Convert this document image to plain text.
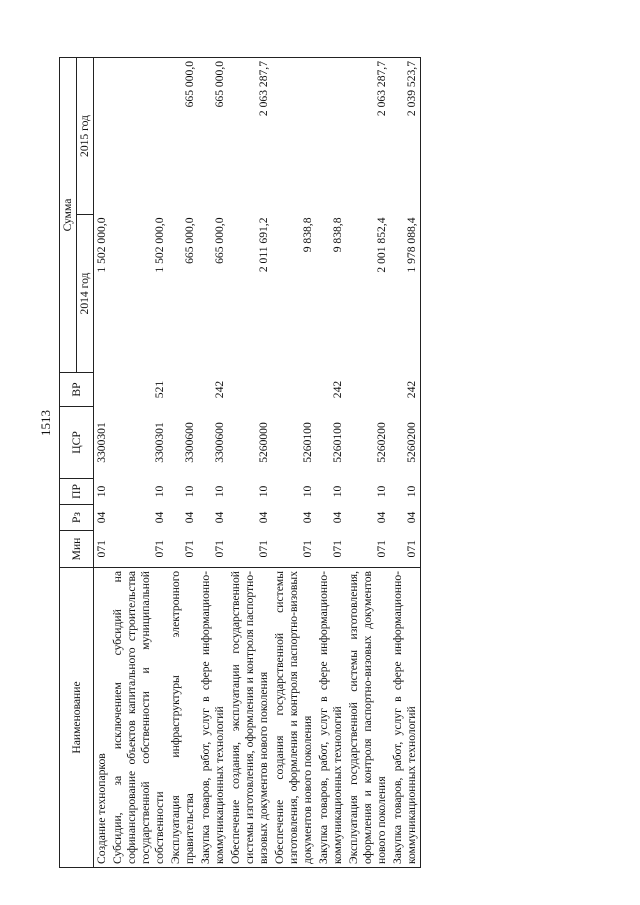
1513
Наименование	Мин	Рз	ПР	ЦСР	ВР	Сумма	
						2014 год	2015 год
Создание технопарков	071	04	10	3300301		1 502 000,0	
Субсидии, за исключением субсидий на софинансирование объектов капитального строительства государственной собственности и муниципальной собственности	071	04	10	3300301	521	1 502 000,0	
Эксплуатация инфраструктуры электронного правительства	071	04	10	3300600		665 000,0	665 000,0
Закупка товаров, работ, услуг в сфере информационно-коммуникационных технологий	071	04	10	3300600	242	665 000,0	665 000,0
Обеспечение создания, эксплуатации государственной системы изготовления, оформления и контроля паспортно-визовых документов нового поколения	071	04	10	5260000		2 011 691,2	2 063 287,7
Обеспечение создания государственной системы изготовления, оформления и контроля паспортно-визовых документов нового поколения	071	04	10	5260100		9 838,8	
Закупка товаров, работ, услуг в сфере информационно-коммуникационных технологий	071	04	10	5260100	242	9 838,8	
Эксплуатация государственной системы изготовления, оформления и контроля паспортно-визовых документов нового поколения	071	04	10	5260200		2 001 852,4	2 063 287,7
Закупка товаров, работ, услуг в сфере информационно-коммуникационных технологий	071	04	10	5260200	242	1 978 088,4	2 039 523,7
